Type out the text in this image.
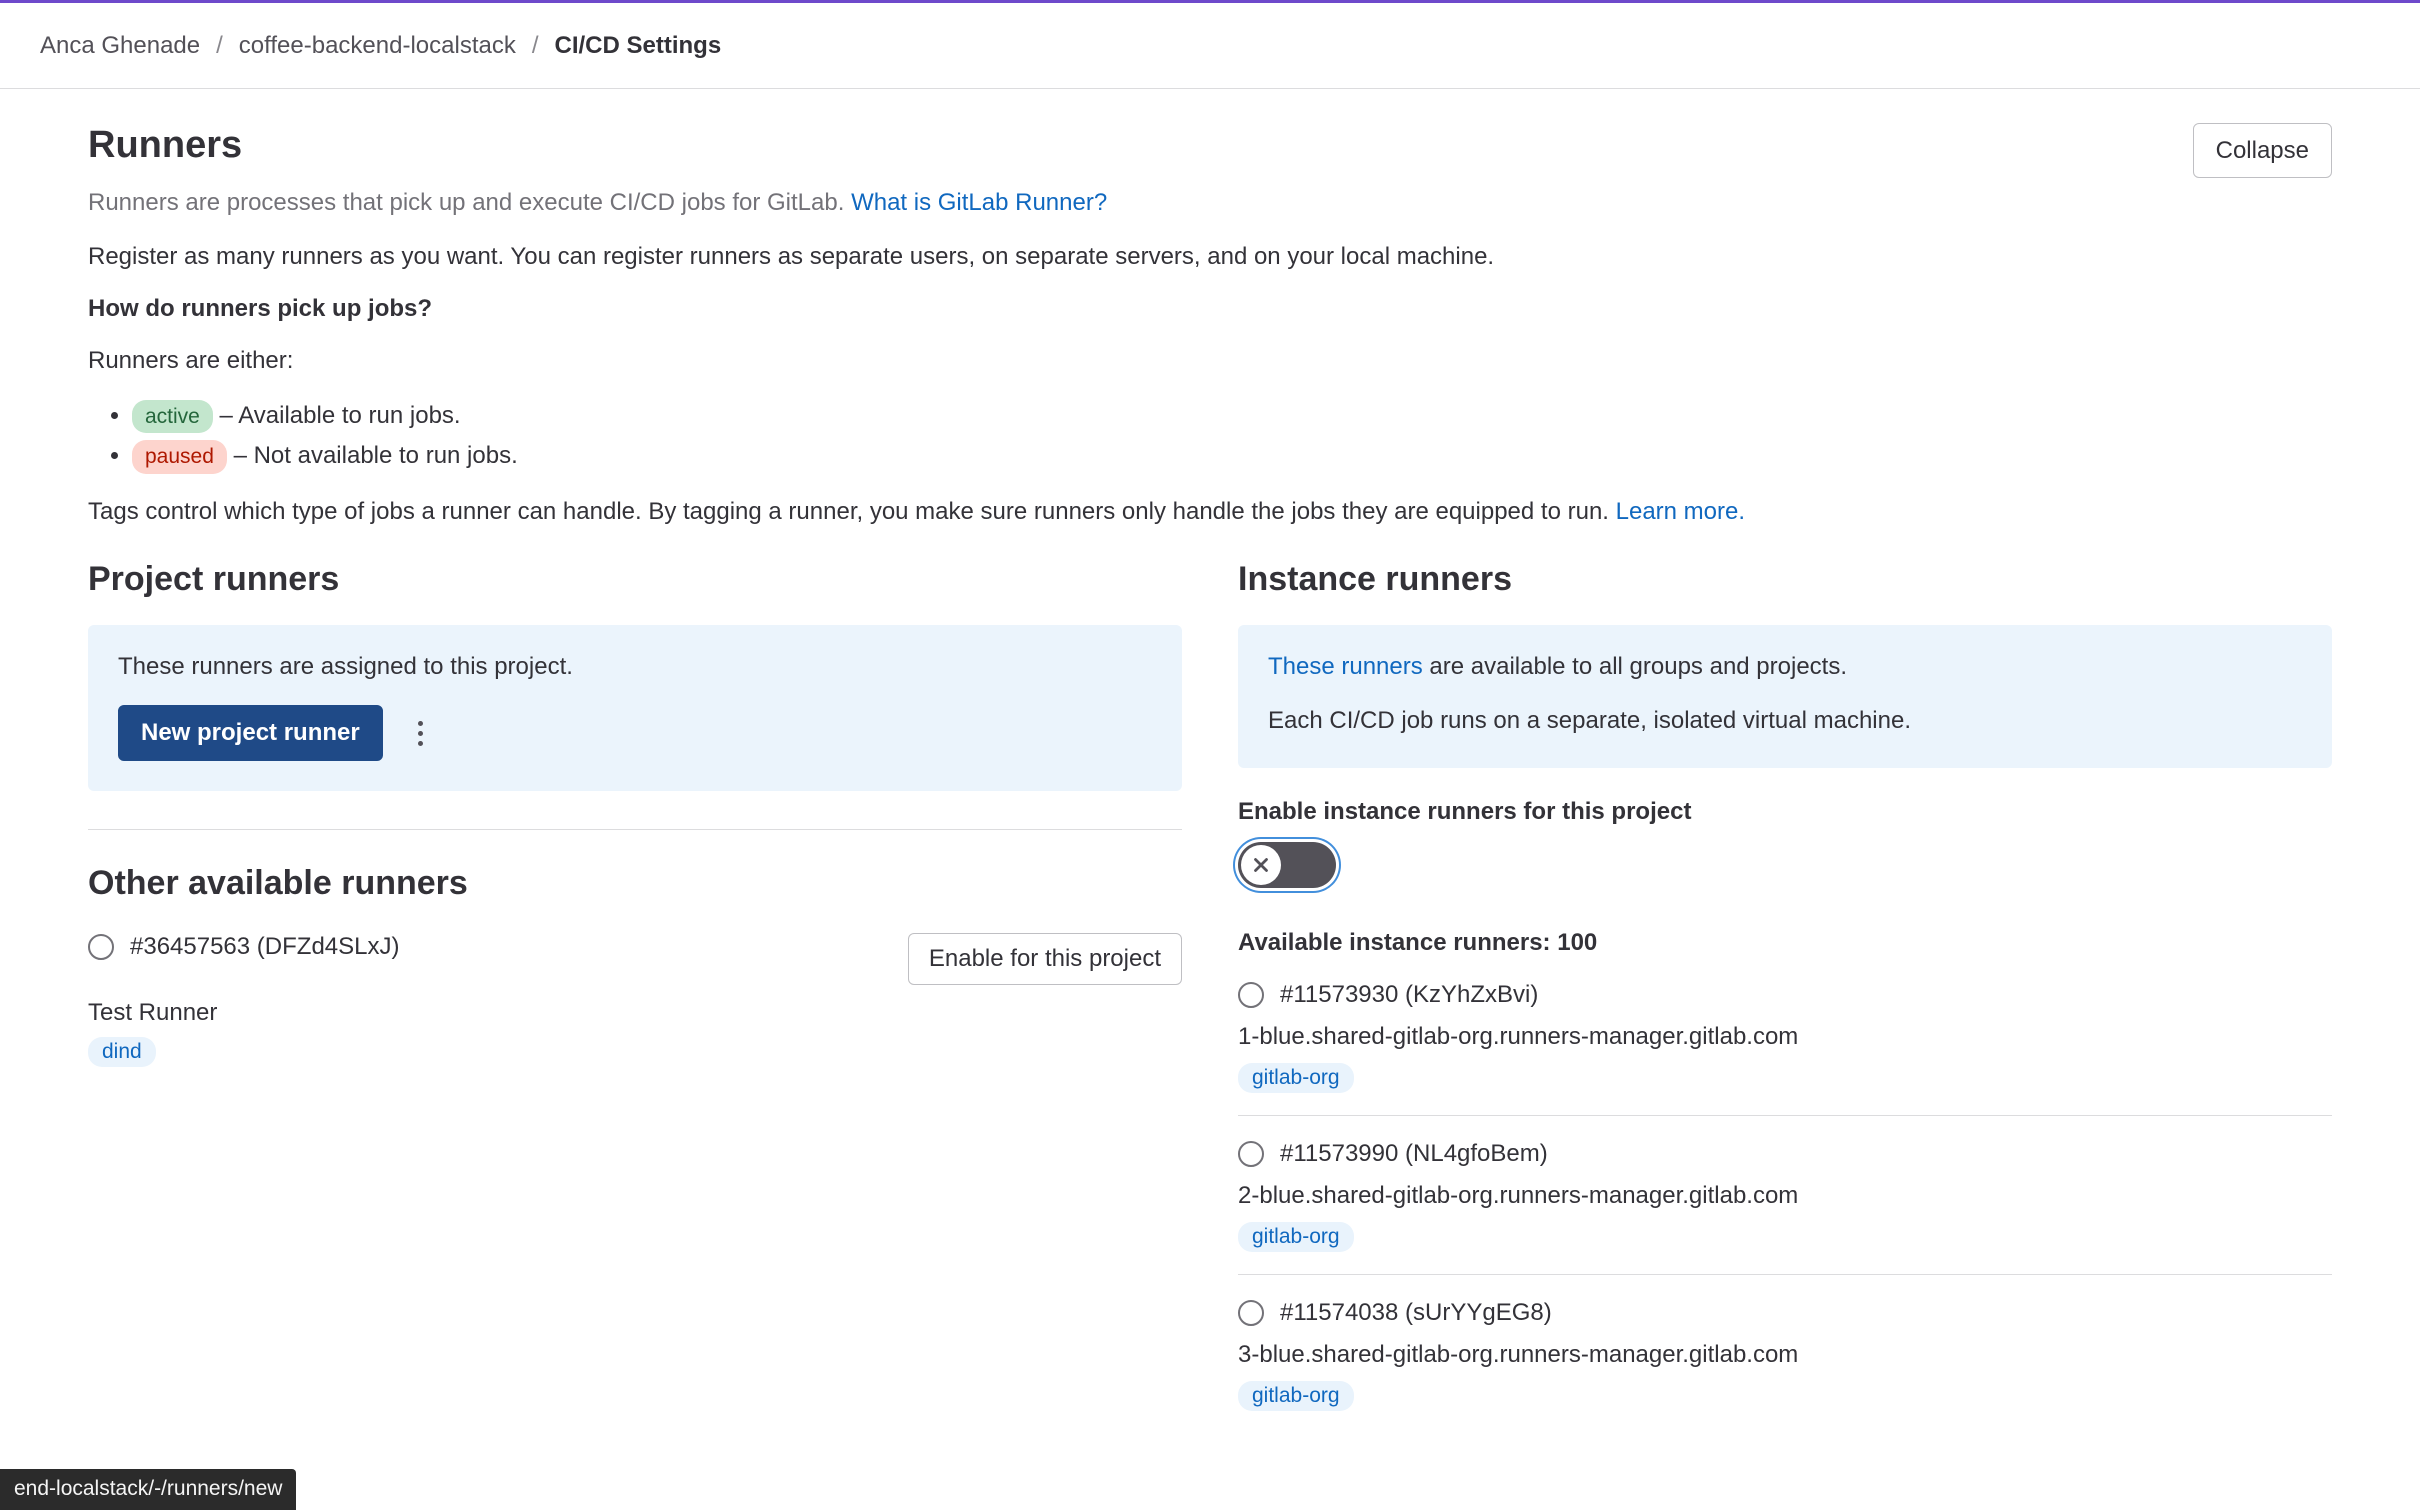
Anca Ghenade / coffee-backend-localstack / CI/CD Settings
Runners	Collapse

Runners are processes that pick up and execute CI/CD jobs for GitLab. What is GitLab Runner?

Register as many runners as you want. You can register runners as separate users, on separate servers, and on your local machine.

How do runners pick up jobs?

Runners are either:

• active – Available to run jobs.
• paused – Not available to run jobs.

Tags control which type of jobs a runner can handle. By tagging a runner, you make sure runners only handle the jobs they are equipped to run. Learn more.

Project runners

These runners are assigned to this project.

New project runner
Other available runners
#36457563 (DFZd4SLxJ)	Enable for this project
Test Runner
dind
Instance runners

These runners are available to all groups and projects.

Each CI/CD job runs on a separate, isolated virtual machine.

Enable instance runners for this project
Available instance runners: 100
#11573930 (KzYhZxBvi)
1-blue.shared-gitlab-org.runners-manager.gitlab.com
gitlab-org
#11573990 (NL4gfoBem)
2-blue.shared-gitlab-org.runners-manager.gitlab.com
gitlab-org
#11574038 (sUrYYgEG8)
3-blue.shared-gitlab-org.runners-manager.gitlab.com
gitlab-org
end-localstack/-/runners/new
